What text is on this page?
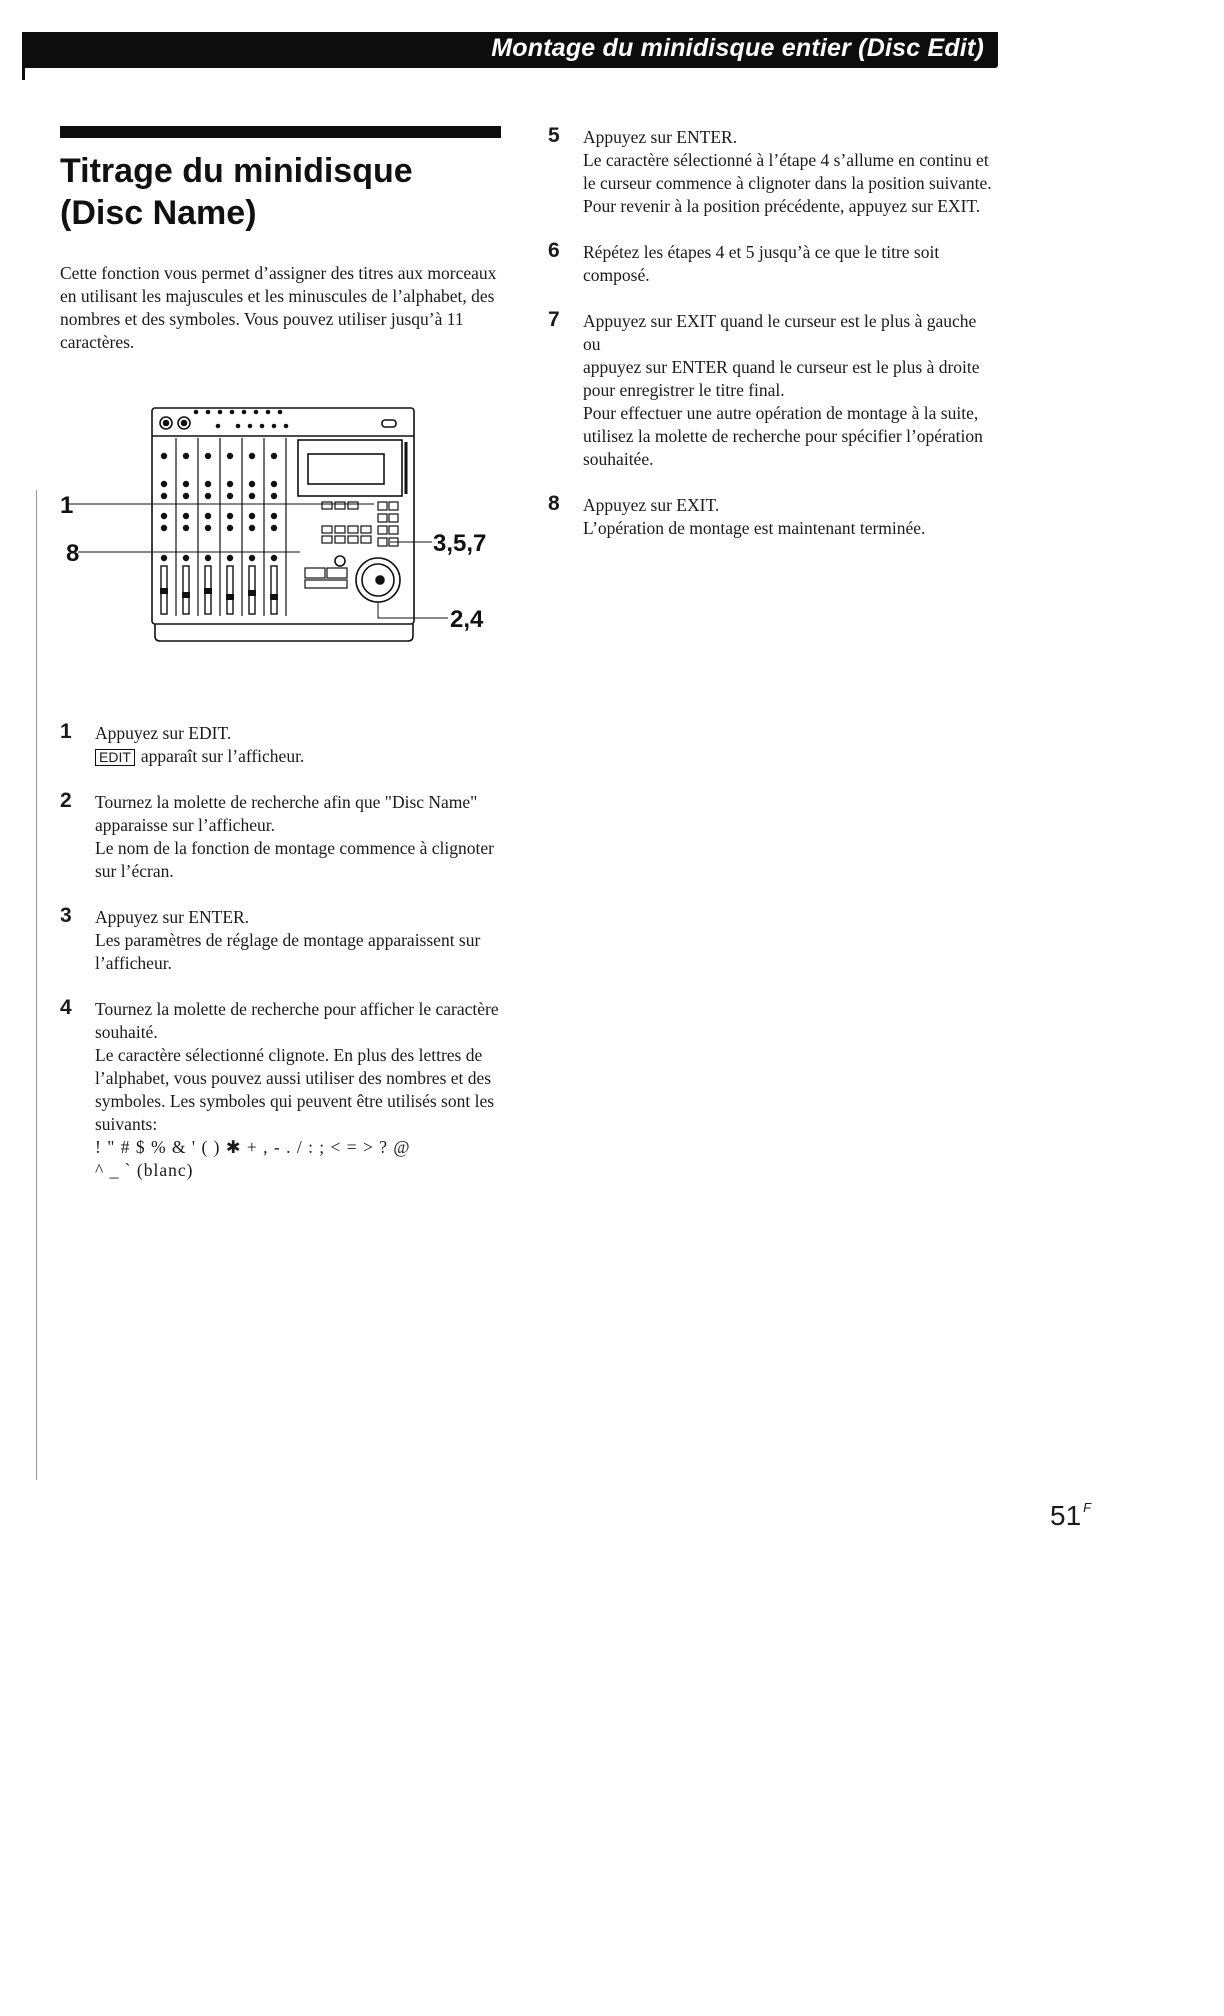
Montage du minidisque entier (Disc Edit)
Titrage du minidisque (Disc Name)

Cette fonction vous permet d’assigner des titres aux morceaux en utilisant les majuscules et les minuscules de l’alphabet, des nombres et des symboles. Vous pouvez utiliser jusqu’à 11 caractères.

1
8	3,5,7
2,4
1 Appuyez sur EDIT.

EDIT apparaît sur l’afficheur.

2 Tournez la molette de recherche afin que "Disc Name" apparaisse sur l’afficheur.

Le nom de la fonction de montage commence à clignoter sur l’écran.

3 Appuyez sur ENTER.

Les paramètres de réglage de montage apparaissent sur l’afficheur.

4 Tournez la molette de recherche pour afficher le caractère souhaité.

Le caractère sélectionné clignote. En plus des lettres de l’alphabet, vous pouvez aussi utiliser des nombres et des symboles. Les symboles qui peuvent être utilisés sont les suivants:

! " # $ % & ' ( ) ✱ + , - . / : ; < = > ? @

^ _ ` (blanc)

5 Appuyez sur ENTER.

Le caractère sélectionné à l’étape 4 s’allume en continu et le curseur commence à clignoter dans la position suivante.

Pour revenir à la position précédente, appuyez sur EXIT.

6 Répétez les étapes 4 et 5 jusqu’à ce que le titre soit composé.

7 Appuyez sur EXIT quand le curseur est le plus à gauche ou

appuyez sur ENTER quand le curseur est le plus à droite pour enregistrer le titre final.

Pour effectuer une autre opération de montage à la suite, utilisez la molette de recherche pour spécifier l’opération souhaitée.

8 Appuyez sur EXIT.

L’opération de montage est maintenant terminée.

51 $^F$
